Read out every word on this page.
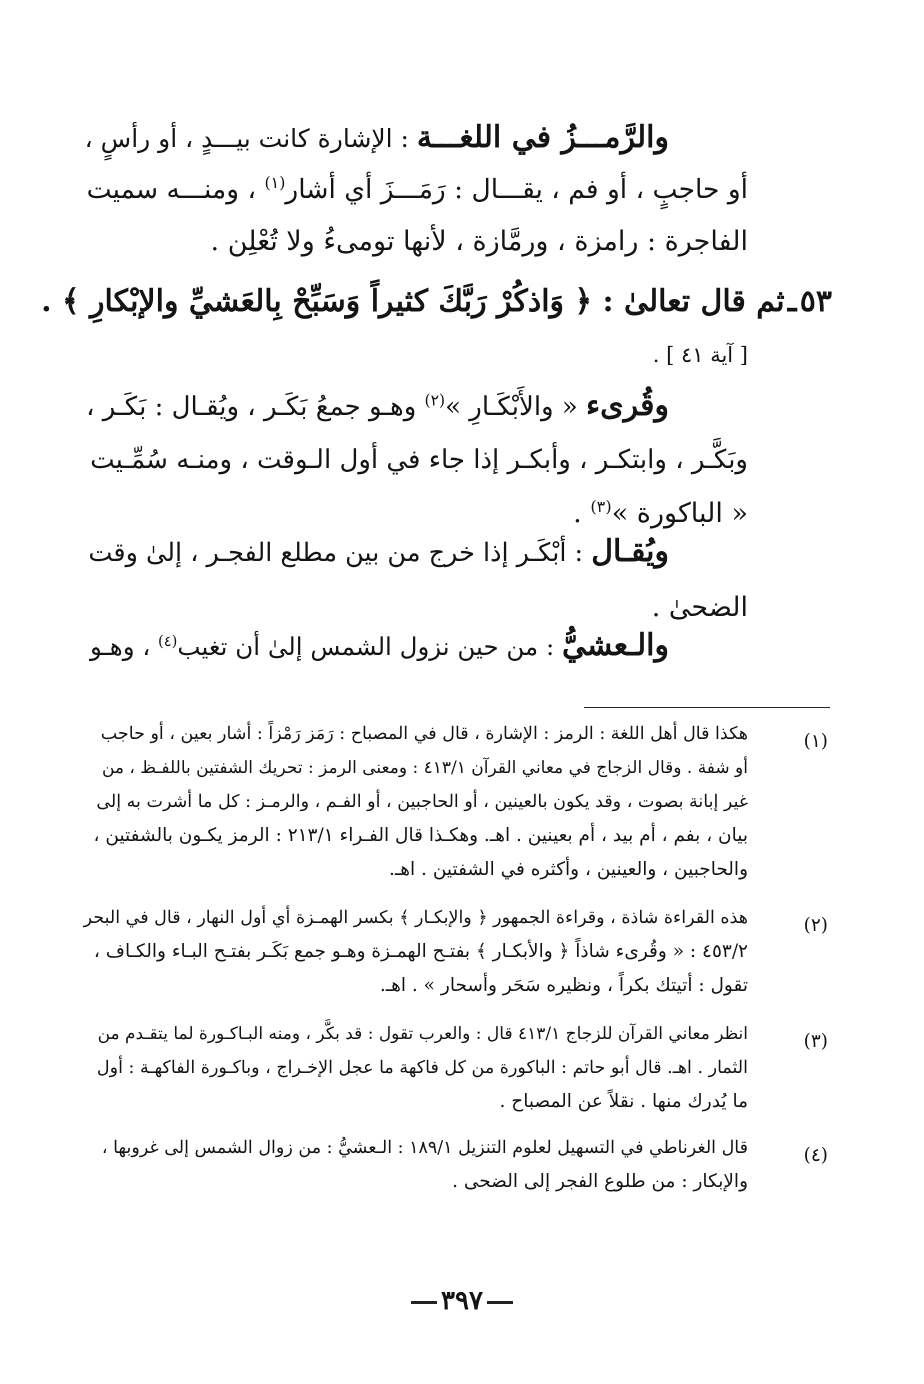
والرَّمـــزُ في اللغـــة : الإشارة كانت بيـــدٍ ، أو رأسٍ ،
أو حاجبٍ ، أو فم ، يقـــال : رَمَـــزَ أي أشار$^{(١)}$ ، ومنـــه سميت
الفاجرة : رامزة ، ورمَّازة ، لأنها تومىءُ ولا تُعْلِن .
٥٣ ـ ثم قال تعالىٰ : ﴿ وَاذكُرْ رَبَّكَ كثيراً وَسَبِّحْ بِالعَشيِّ والإبْكارِ ﴾ .
[ آية ٤١ ] .
وقُرىء « والأَبْكَـارِ »$^{(٢)}$ وهـو جمعُ بَكَـر ، ويُقـال : بَكَـر ،
وبَكَّـر ، وابتكـر ، وأبكـر إذا جاء في أول الـوقت ، ومنـه سُمِّـيت
« الباكورة »$^{(٣)}$ .
ويُقـال : أبْكَـر إذا خرج من بين مطلع الفجـر ، إلىٰ وقت
الضحىٰ .
والـعشيُّ : من حين نزول الشمس إلىٰ أن تغيب$^{(٤)}$ ، وهـو
(١)
هكذا قال أهل اللغة : الرمز : الإشارة ، قال في المصباح : رَمَز رَمْزاً : أشار بعين ، أو حاجب
أو شفة . وقال الزجاج في معاني القرآن ٤١٣/١ : ومعنى الرمز : تحريك الشفتين باللفـظ ، من
غير إبانة بصوت ، وقد يكون بالعينين ، أو الحاجبين ، أو الفـم ، والرمـز : كل ما أشرت به إلى
بيان ، بفم ، أم بيد ، أم بعينين . اهـ. وهكـذا قال الفـراء ٢١٣/١ : الرمز يكـون بالشفتين ،
والحاجبين ، والعينين ، وأكثره في الشفتين . اهـ.
(٢)
هذه القراءة شاذة ، وقراءة الجمهور ﴿ والإبكـار ﴾ بكسر الهمـزة أي أول النهار ، قال في البحر
٤٥٣/٢ : « وقُرىء شاذاً ﴿ والأبكـار ﴾ بفتـح الهمـزة وهـو جمع بَكَـر بفتـح البـاء والكـاف ،
تقول : أتيتك بكراً ، ونظيره سَحَر وأسحار » . اهـ.
(٣)
انظر معاني القرآن للزجاج ٤١٣/١ قال : والعرب تقول : قد بكَّر ، ومنه البـاكـورة لما يتقـدم من
الثمار . اهـ. قال أبو حاتم : الباكورة من كل فاكهة ما عجل الإخـراج ، وباكـورة الفاكهـة : أول
ما يُدرك منها . نقلاً عن المصباح .
(٤)
قال الغرناطي في التسهيل لعلوم التنزيل ١٨٩/١ : الـعشيُّ : من زوال الشمس إلى غروبها ،
والإبكار : من طلوع الفجر إلى الضحى .
٣٩٧
